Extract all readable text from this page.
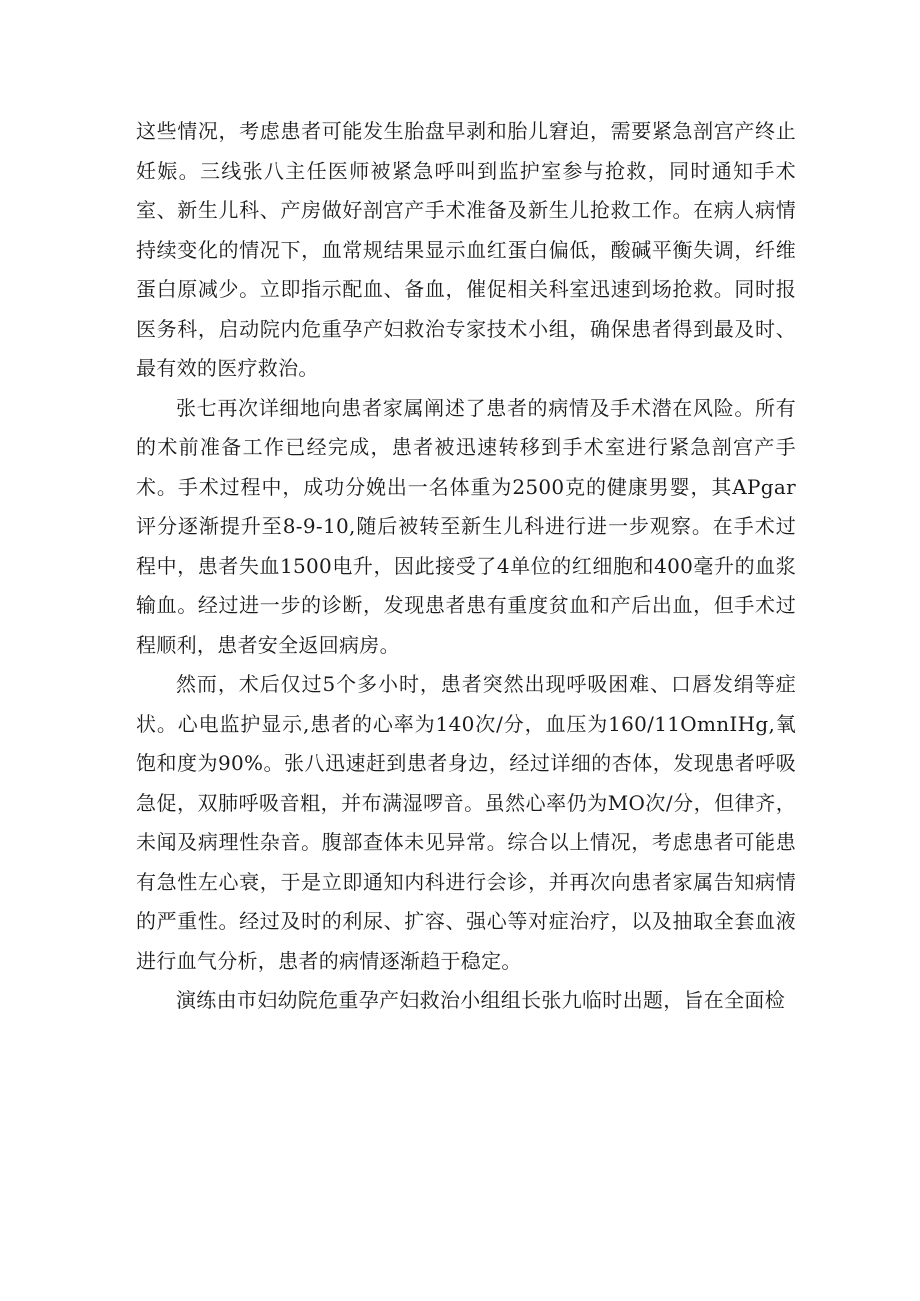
这些情况，考虑患者可能发生胎盘早剥和胎儿窘迫，需要紧急剖宫产终止妊娠。三线张八主任医师被紧急呼叫到监护室参与抢救，同时通知手术室、新生儿科、产房做好剖宫产手术准备及新生儿抢救工作。在病人病情持续变化的情况下，血常规结果显示血红蛋白偏低，酸碱平衡失调，纤维蛋白原减少。立即指示配血、备血，催促相关科室迅速到场抢救。同时报医务科，启动院内危重孕产妇救治专家技术小组，确保患者得到最及时、最有效的医疗救治。

张七再次详细地向患者家属阐述了患者的病情及手术潜在风险。所有的术前准备工作已经完成，患者被迅速转移到手术室进行紧急剖宫产手术。手术过程中，成功分娩出一名体重为2500克的健康男婴，其APgar评分逐渐提升至8-9-10,随后被转至新生儿科进行进一步观察。在手术过程中，患者失血1500电升，因此接受了4单位的红细胞和400毫升的血浆输血。经过进一步的诊断，发现患者患有重度贫血和产后出血，但手术过程顺利，患者安全返回病房。

然而，术后仅过5个多小时，患者突然出现呼吸困难、口唇发绢等症状。心电监护显示,患者的心率为140次/分，血压为160/11OmnIHg,氧饱和度为90%。张八迅速赶到患者身边，经过详细的杏体，发现患者呼吸急促，双肺呼吸音粗，并布满湿啰音。虽然心率仍为MO次/分，但律齐，未闻及病理性杂音。腹部查体未见异常。综合以上情况，考虑患者可能患有急性左心衰，于是立即通知内科进行会诊，并再次向患者家属告知病情的严重性。经过及时的利尿、扩容、强心等对症治疗，以及抽取全套血液进行血气分析，患者的病情逐渐趋于稳定。

演练由市妇幼院危重孕产妇救治小组组长张九临时出题，旨在全面检
